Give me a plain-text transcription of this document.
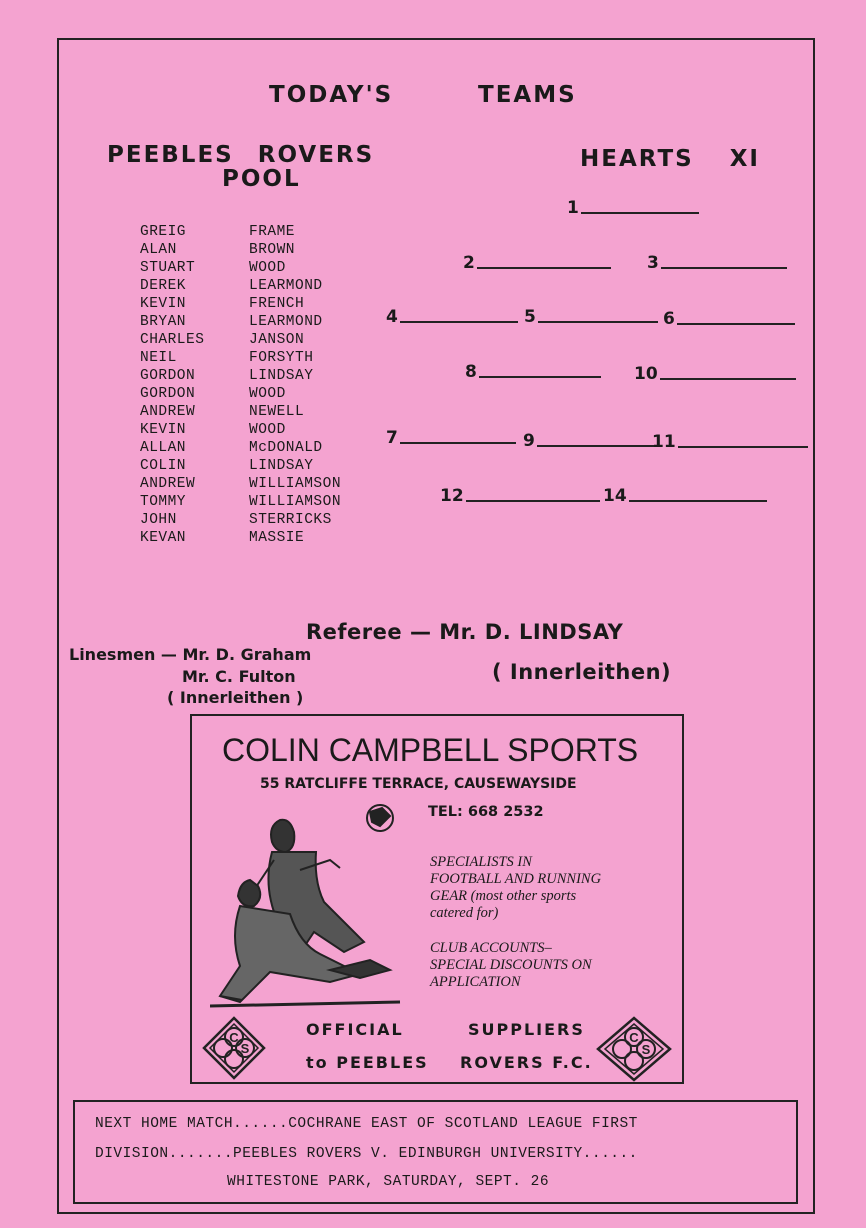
TODAY'S	TEAMS
PEEBLES ROVERS
POOL
GREIG	FRAME
ALAN	BROWN
STUART	WOOD
DEREK	LEARMOND
KEVIN	FRENCH
BRYAN	LEARMOND
CHARLES	JANSON
NEIL	FORSYTH
GORDON	LINDSAY
GORDON	WOOD
ANDREW	NEWELL
KEVIN	WOOD
ALLAN	McDONALD
COLIN	LINDSAY
ANDREW	WILLIAMSON
TOMMY	WILLIAMSON
JOHN	STERRICKS
KEVAN	MASSIE
HEARTS XI
1
2	3
4	5	6
8	10
7	9	11
12	14
Referee — Mr. D. LINDSAY
( Innerleithen)
Linesmen — Mr. D. Graham
Mr. C. Fulton
( Innerleithen )
COLIN CAMPBELL SPORTS
55 RATCLIFFE TERRACE, CAUSEWAYSIDE
TEL: 668 2532
SPECIALISTS IN
FOOTBALL AND RUNNING
GEAR (most other sports
catered for)
CLUB ACCOUNTS–
SPECIAL DISCOUNTS ON
APPLICATION
OFFICIAL	SUPPLIERS
to PEEBLES ROVERS F.C.
C
S
C
S
NEXT HOME MATCH......COCHRANE EAST OF SCOTLAND LEAGUE FIRST
DIVISION.......PEEBLES ROVERS V. EDINBURGH UNIVERSITY......
WHITESTONE PARK, SATURDAY, SEPT. 26
